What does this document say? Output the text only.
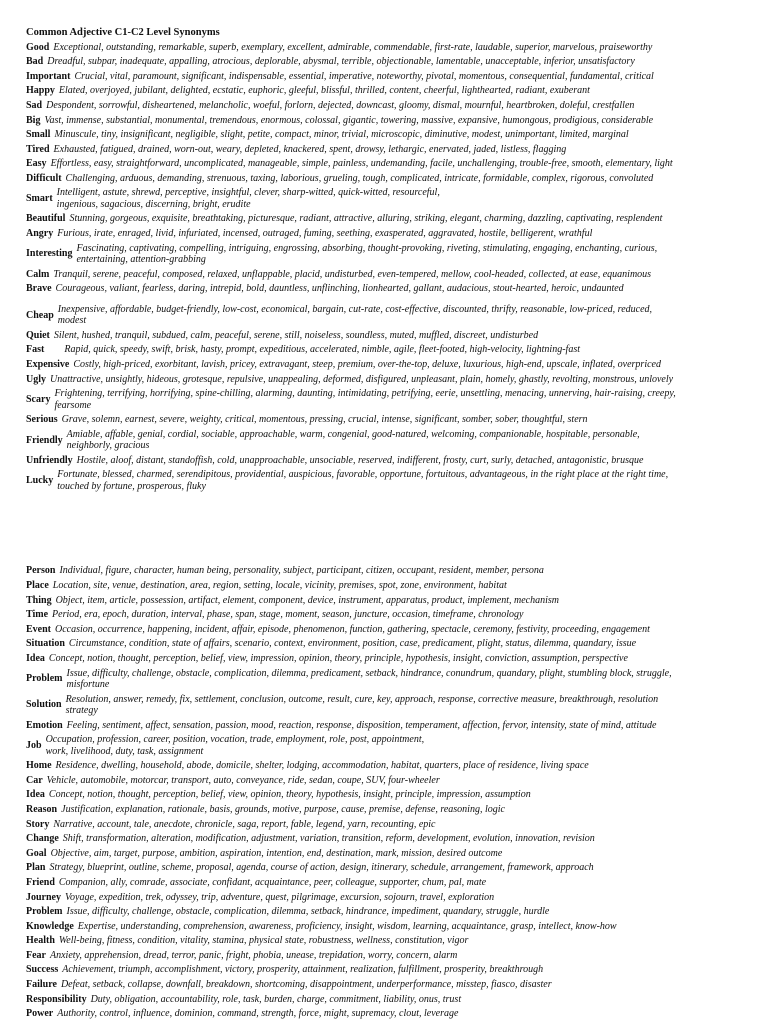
Common Adjective C1-C2 Level Synonyms
Good Exceptional, outstanding, remarkable, superb, exemplary, excellent, admirable, commendable, first-rate, laudable, superior, marvelous, praiseworthy
Bad Dreadful, subpar, inadequate, appalling, atrocious, deplorable, abysmal, terrible, objectionable, lamentable, unacceptable, inferior, unsatisfactory
Important Crucial, vital, paramount, significant, indispensable, essential, imperative, noteworthy, pivotal, momentous, consequential, fundamental, critical
Happy Elated, overjoyed, jubilant, delighted, ecstatic, euphoric, gleeful, blissful, thrilled, content, cheerful, lighthearted, radiant, exuberant
Sad Despondent, sorrowful, disheartened, melancholic, woeful, forlorn, dejected, downcast, gloomy, dismal, mournful, heartbroken, doleful, crestfallen
Big Vast, immense, substantial, monumental, tremendous, enormous, colossal, gigantic, towering, massive, expansive, humongous, prodigious, considerable
Small Minuscule, tiny, insignificant, negligible, slight, petite, compact, minor, trivial, microscopic, diminutive, modest, unimportant, limited, marginal
Tired Exhausted, fatigued, drained, worn-out, weary, depleted, knackered, spent, drowsy, lethargic, enervated, jaded, listless, flagging
Easy Effortless, easy, straightforward, uncomplicated, manageable, simple, painless, undemanding, facile, unchallenging, trouble-free, smooth, elementary, light
Difficult Challenging, arduous, demanding, strenuous, taxing, laborious, grueling, tough, complicated, intricate, formidable, complex, rigorous, convoluted
Smart
Intelligent, astute, shrewd, perceptive, insightful, clever, sharp-witted, quick-witted, resourceful,
ingenious, sagacious, discerning, bright, erudite
Beautiful Stunning, gorgeous, exquisite, breathtaking, picturesque, radiant, attractive, alluring, striking, elegant, charming, dazzling, captivating, resplendent
Angry Furious, irate, enraged, livid, infuriated, incensed, outraged, fuming, seething, exasperated, aggravated, hostile, belligerent, wrathful
Interesting
Fascinating, captivating, compelling, intriguing, engrossing, absorbing, thought-provoking, riveting, stimulating, engaging, enchanting, curious,
entertaining, attention-grabbing
Calm Tranquil, serene, peaceful, composed, relaxed, unflappable, placid, undisturbed, even-tempered, mellow, cool-headed, collected, at ease, equanimous
Brave Courageous, valiant, fearless, daring, intrepid, bold, dauntless, unflinching, lionhearted, gallant, audacious, stout-hearted, heroic, undaunted
Cheap
Inexpensive, affordable, budget-friendly, low-cost, economical, bargain, cut-rate, cost-effective, discounted, thrifty, reasonable, low-priced, reduced,
modest
Quiet Silent, hushed, tranquil, subdued, calm, peaceful, serene, still, noiseless, soundless, muted, muffled, discreet, undisturbed
Fast Rapid, quick, speedy, swift, brisk, hasty, prompt, expeditious, accelerated, nimble, agile, fleet-footed, high-velocity, lightning-fast
Expensive Costly, high-priced, exorbitant, lavish, pricey, extravagant, steep, premium, over-the-top, deluxe, luxurious, high-end, upscale, inflated, overpriced
Ugly Unattractive, unsightly, hideous, grotesque, repulsive, unappealing, deformed, disfigured, unpleasant, plain, homely, ghastly, revolting, monstrous, unlovely
Scary
Frightening, terrifying, horrifying, spine-chilling, alarming, daunting, intimidating, petrifying, eerie, unsettling, menacing, unnerving, hair-raising, creepy,
fearsome
Serious Grave, solemn, earnest, severe, weighty, critical, momentous, pressing, crucial, intense, significant, somber, sober, thoughtful, stern
Friendly
Amiable, affable, genial, cordial, sociable, approachable, warm, congenial, good-natured, welcoming, companionable, hospitable, personable,
neighborly, gracious
Unfriendly Hostile, aloof, distant, standoffish, cold, unapproachable, unsociable, reserved, indifferent, frosty, curt, surly, detached, antagonistic, brusque
Lucky
Fortunate, blessed, charmed, serendipitous, providential, auspicious, favorable, opportune, fortuitous, advantageous, in the right place at the right time,
touched by fortune, prosperous, fluky
Person Individual, figure, character, human being, personality, subject, participant, citizen, occupant, resident, member, persona
Place Location, site, venue, destination, area, region, setting, locale, vicinity, premises, spot, zone, environment, habitat
Thing Object, item, article, possession, artifact, element, component, device, instrument, apparatus, product, implement, mechanism
Time Period, era, epoch, duration, interval, phase, span, stage, moment, season, juncture, occasion, timeframe, chronology
Event Occasion, occurrence, happening, incident, affair, episode, phenomenon, function, gathering, spectacle, ceremony, festivity, proceeding, engagement
Situation Circumstance, condition, state of affairs, scenario, context, environment, position, case, predicament, plight, status, dilemma, quandary, issue
Idea Concept, notion, thought, perception, belief, view, impression, opinion, theory, principle, hypothesis, insight, conviction, assumption, perspective
Problem
Issue, difficulty, challenge, obstacle, complication, dilemma, predicament, setback, hindrance, conundrum, quandary, plight, stumbling block, struggle,
misfortune
Solution
Resolution, answer, remedy, fix, settlement, conclusion, outcome, result, cure, key, approach, response, corrective measure, breakthrough, resolution
strategy
Emotion Feeling, sentiment, affect, sensation, passion, mood, reaction, response, disposition, temperament, affection, fervor, intensity, state of mind, attitude
Job
Occupation, profession, career, position, vocation, trade, employment, role, post, appointment,
work, livelihood, duty, task, assignment
Home Residence, dwelling, household, abode, domicile, shelter, lodging, accommodation, habitat, quarters, place of residence, living space
Car Vehicle, automobile, motorcar, transport, auto, conveyance, ride, sedan, coupe, SUV, four-wheeler
Idea Concept, notion, thought, perception, belief, view, opinion, theory, hypothesis, insight, principle, impression, assumption
Reason Justification, explanation, rationale, basis, grounds, motive, purpose, cause, premise, defense, reasoning, logic
Story Narrative, account, tale, anecdote, chronicle, saga, report, fable, legend, yarn, recounting, epic
Change Shift, transformation, alteration, modification, adjustment, variation, transition, reform, development, evolution, innovation, revision
Goal Objective, aim, target, purpose, ambition, aspiration, intention, end, destination, mark, mission, desired outcome
Plan Strategy, blueprint, outline, scheme, proposal, agenda, course of action, design, itinerary, schedule, arrangement, framework, approach
Friend Companion, ally, comrade, associate, confidant, acquaintance, peer, colleague, supporter, chum, pal, mate
Journey Voyage, expedition, trek, odyssey, trip, adventure, quest, pilgrimage, excursion, sojourn, travel, exploration
Problem Issue, difficulty, challenge, obstacle, complication, dilemma, setback, hindrance, impediment, quandary, struggle, hurdle
Knowledge Expertise, understanding, comprehension, awareness, proficiency, insight, wisdom, learning, acquaintance, grasp, intellect, know-how
Health Well-being, fitness, condition, vitality, stamina, physical state, robustness, wellness, constitution, vigor
Fear Anxiety, apprehension, dread, terror, panic, fright, phobia, unease, trepidation, worry, concern, alarm
Success Achievement, triumph, accomplishment, victory, prosperity, attainment, realization, fulfillment, prosperity, breakthrough
Failure Defeat, setback, collapse, downfall, breakdown, shortcoming, disappointment, underperformance, misstep, fiasco, disaster
Responsibility Duty, obligation, accountability, role, task, burden, charge, commitment, liability, onus, trust
Power Authority, control, influence, dominion, command, strength, force, might, supremacy, clout, leverage
